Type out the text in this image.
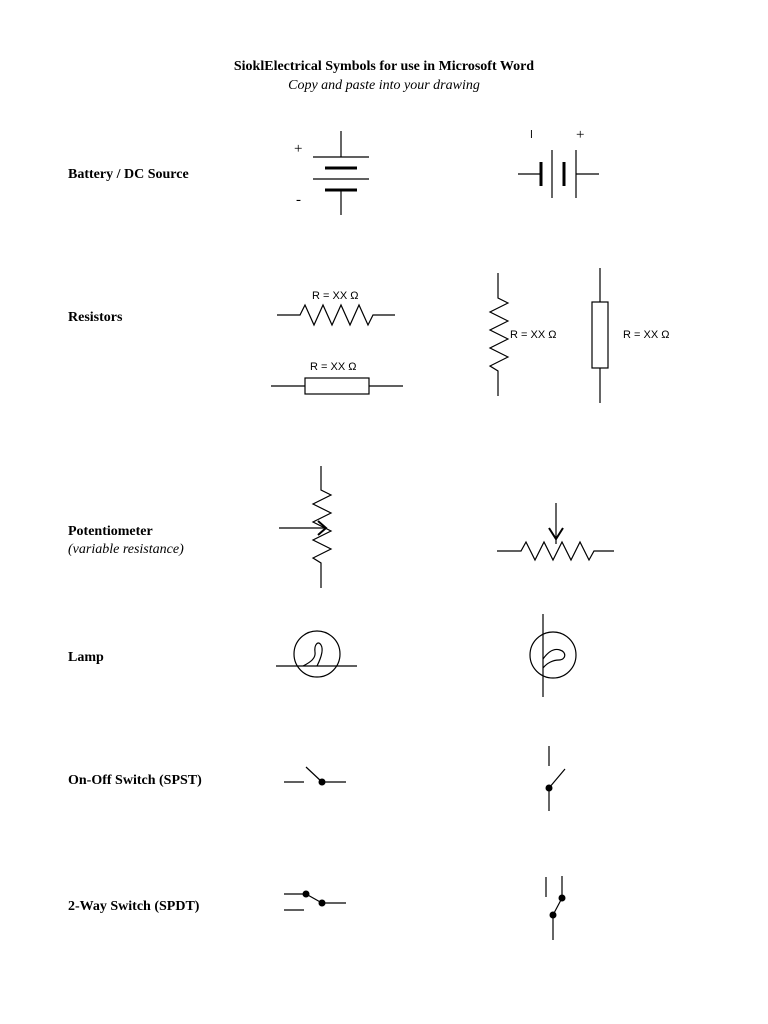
SioklElectrical Symbols for use in Microsoft Word
Copy and paste into your drawing
Battery / DC Source
Resistors
Potentiometer
(variable resistance)
Lamp
On-Off Switch (SPST)
2-Way Switch (SPDT)
+
-
ǀ	+
R = XX Ω
R = XX Ω
R = XX Ω	R = XX Ω
